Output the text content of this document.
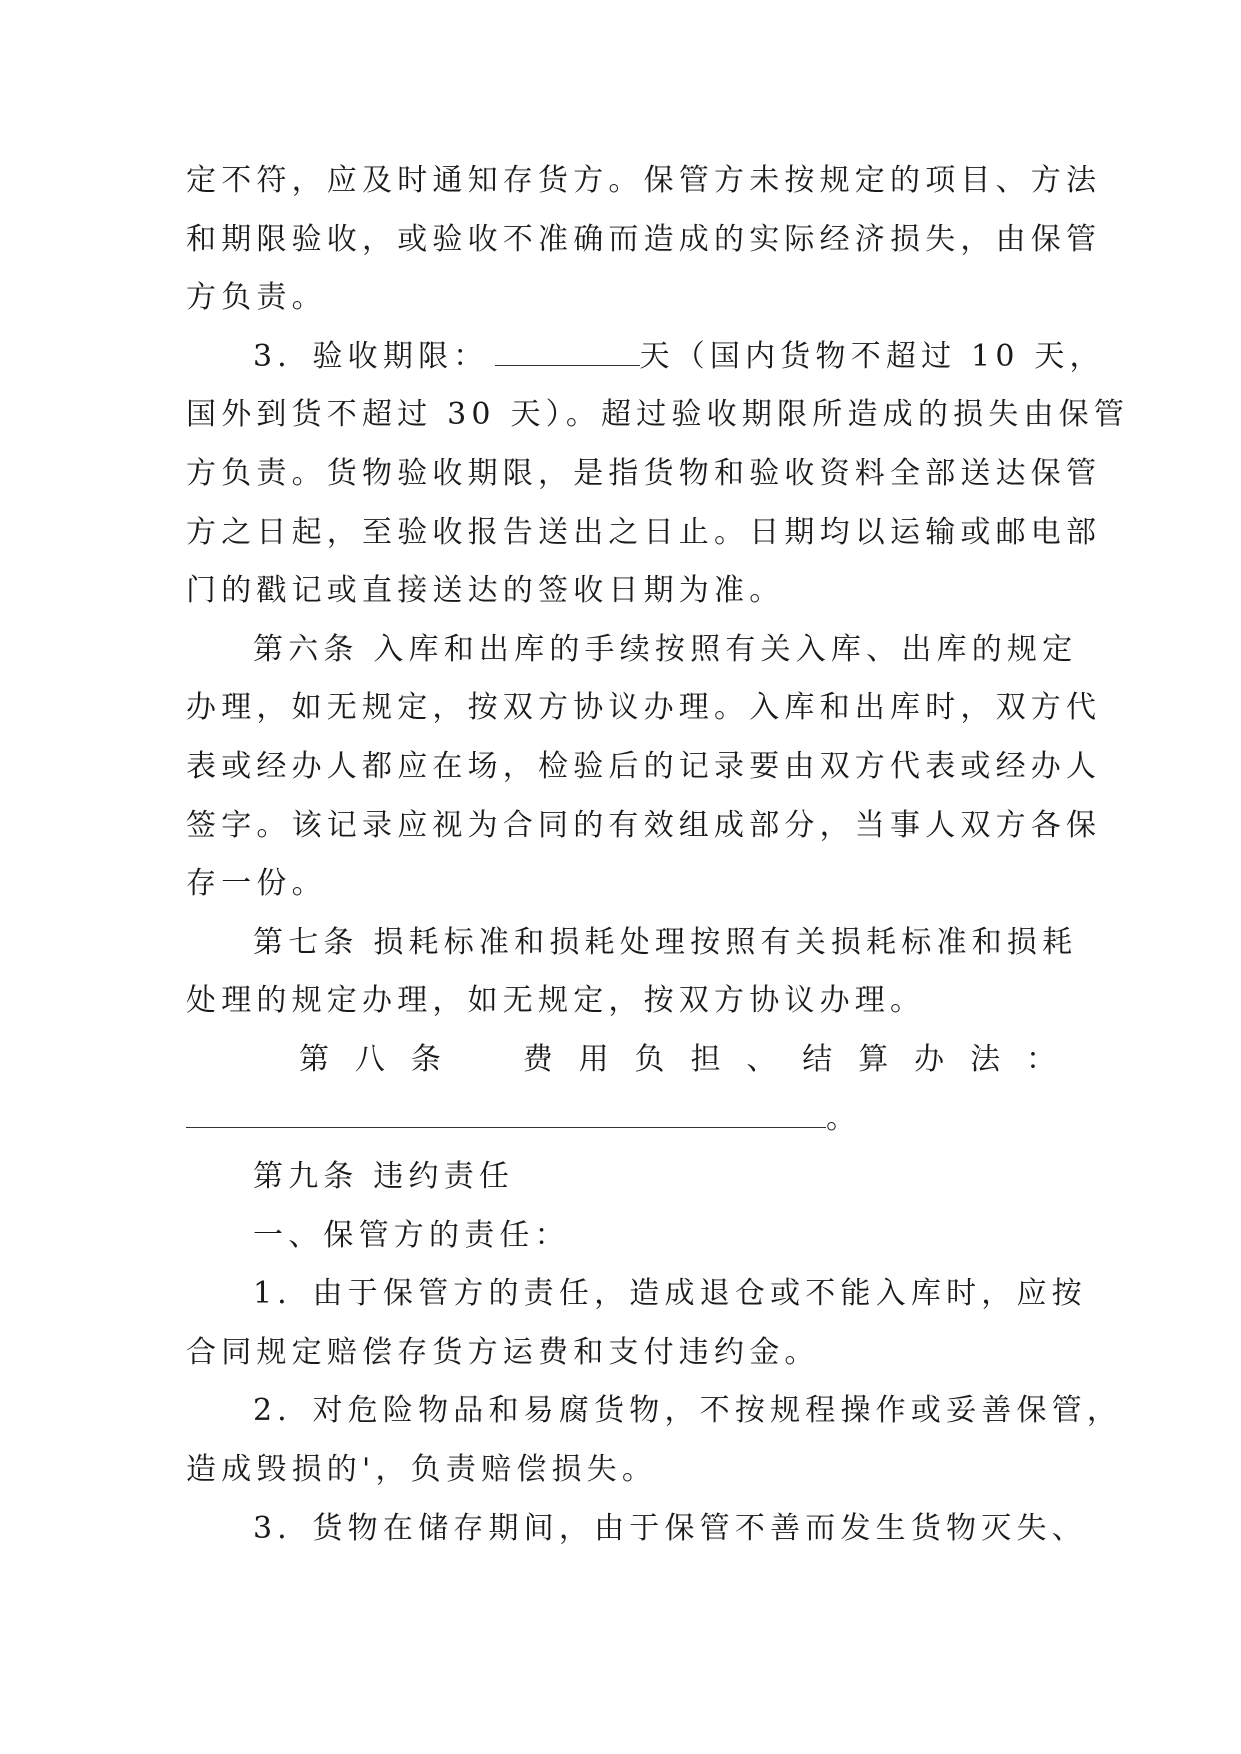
定不符，应及时通知存货方。保管方未按规定的项目、方法
和期限验收，或验收不准确而造成的实际经济损失，由保管
方负责。
3．验收期限：	天（国内货物不超过 10 天，
国外到货不超过 30 天）。超过验收期限所造成的损失由保管
方负责。货物验收期限，是指货物和验收资料全部送达保管
方之日起，至验收报告送出之日止。日期均以运输或邮电部
门的戳记或直接送达的签收日期为准。
第六条 入库和出库的手续按照有关入库、出库的规定
办理，如无规定，按双方协议办理。入库和出库时，双方代
表或经办人都应在场，检验后的记录要由双方代表或经办人
签字。该记录应视为合同的有效组成部分，当事人双方各保
存一份。
第七条 损耗标准和损耗处理按照有关损耗标准和损耗
处理的规定办理，如无规定，按双方协议办理。
第八条　费用负担、结算办法：
。
第九条 违约责任
一、保管方的责任：
1．由于保管方的责任，造成退仓或不能入库时，应按
合同规定赔偿存货方运费和支付违约金。
2．对危险物品和易腐货物，不按规程操作或妥善保管，
造成毁损的'，负责赔偿损失。
3．货物在储存期间，由于保管不善而发生货物灭失、
